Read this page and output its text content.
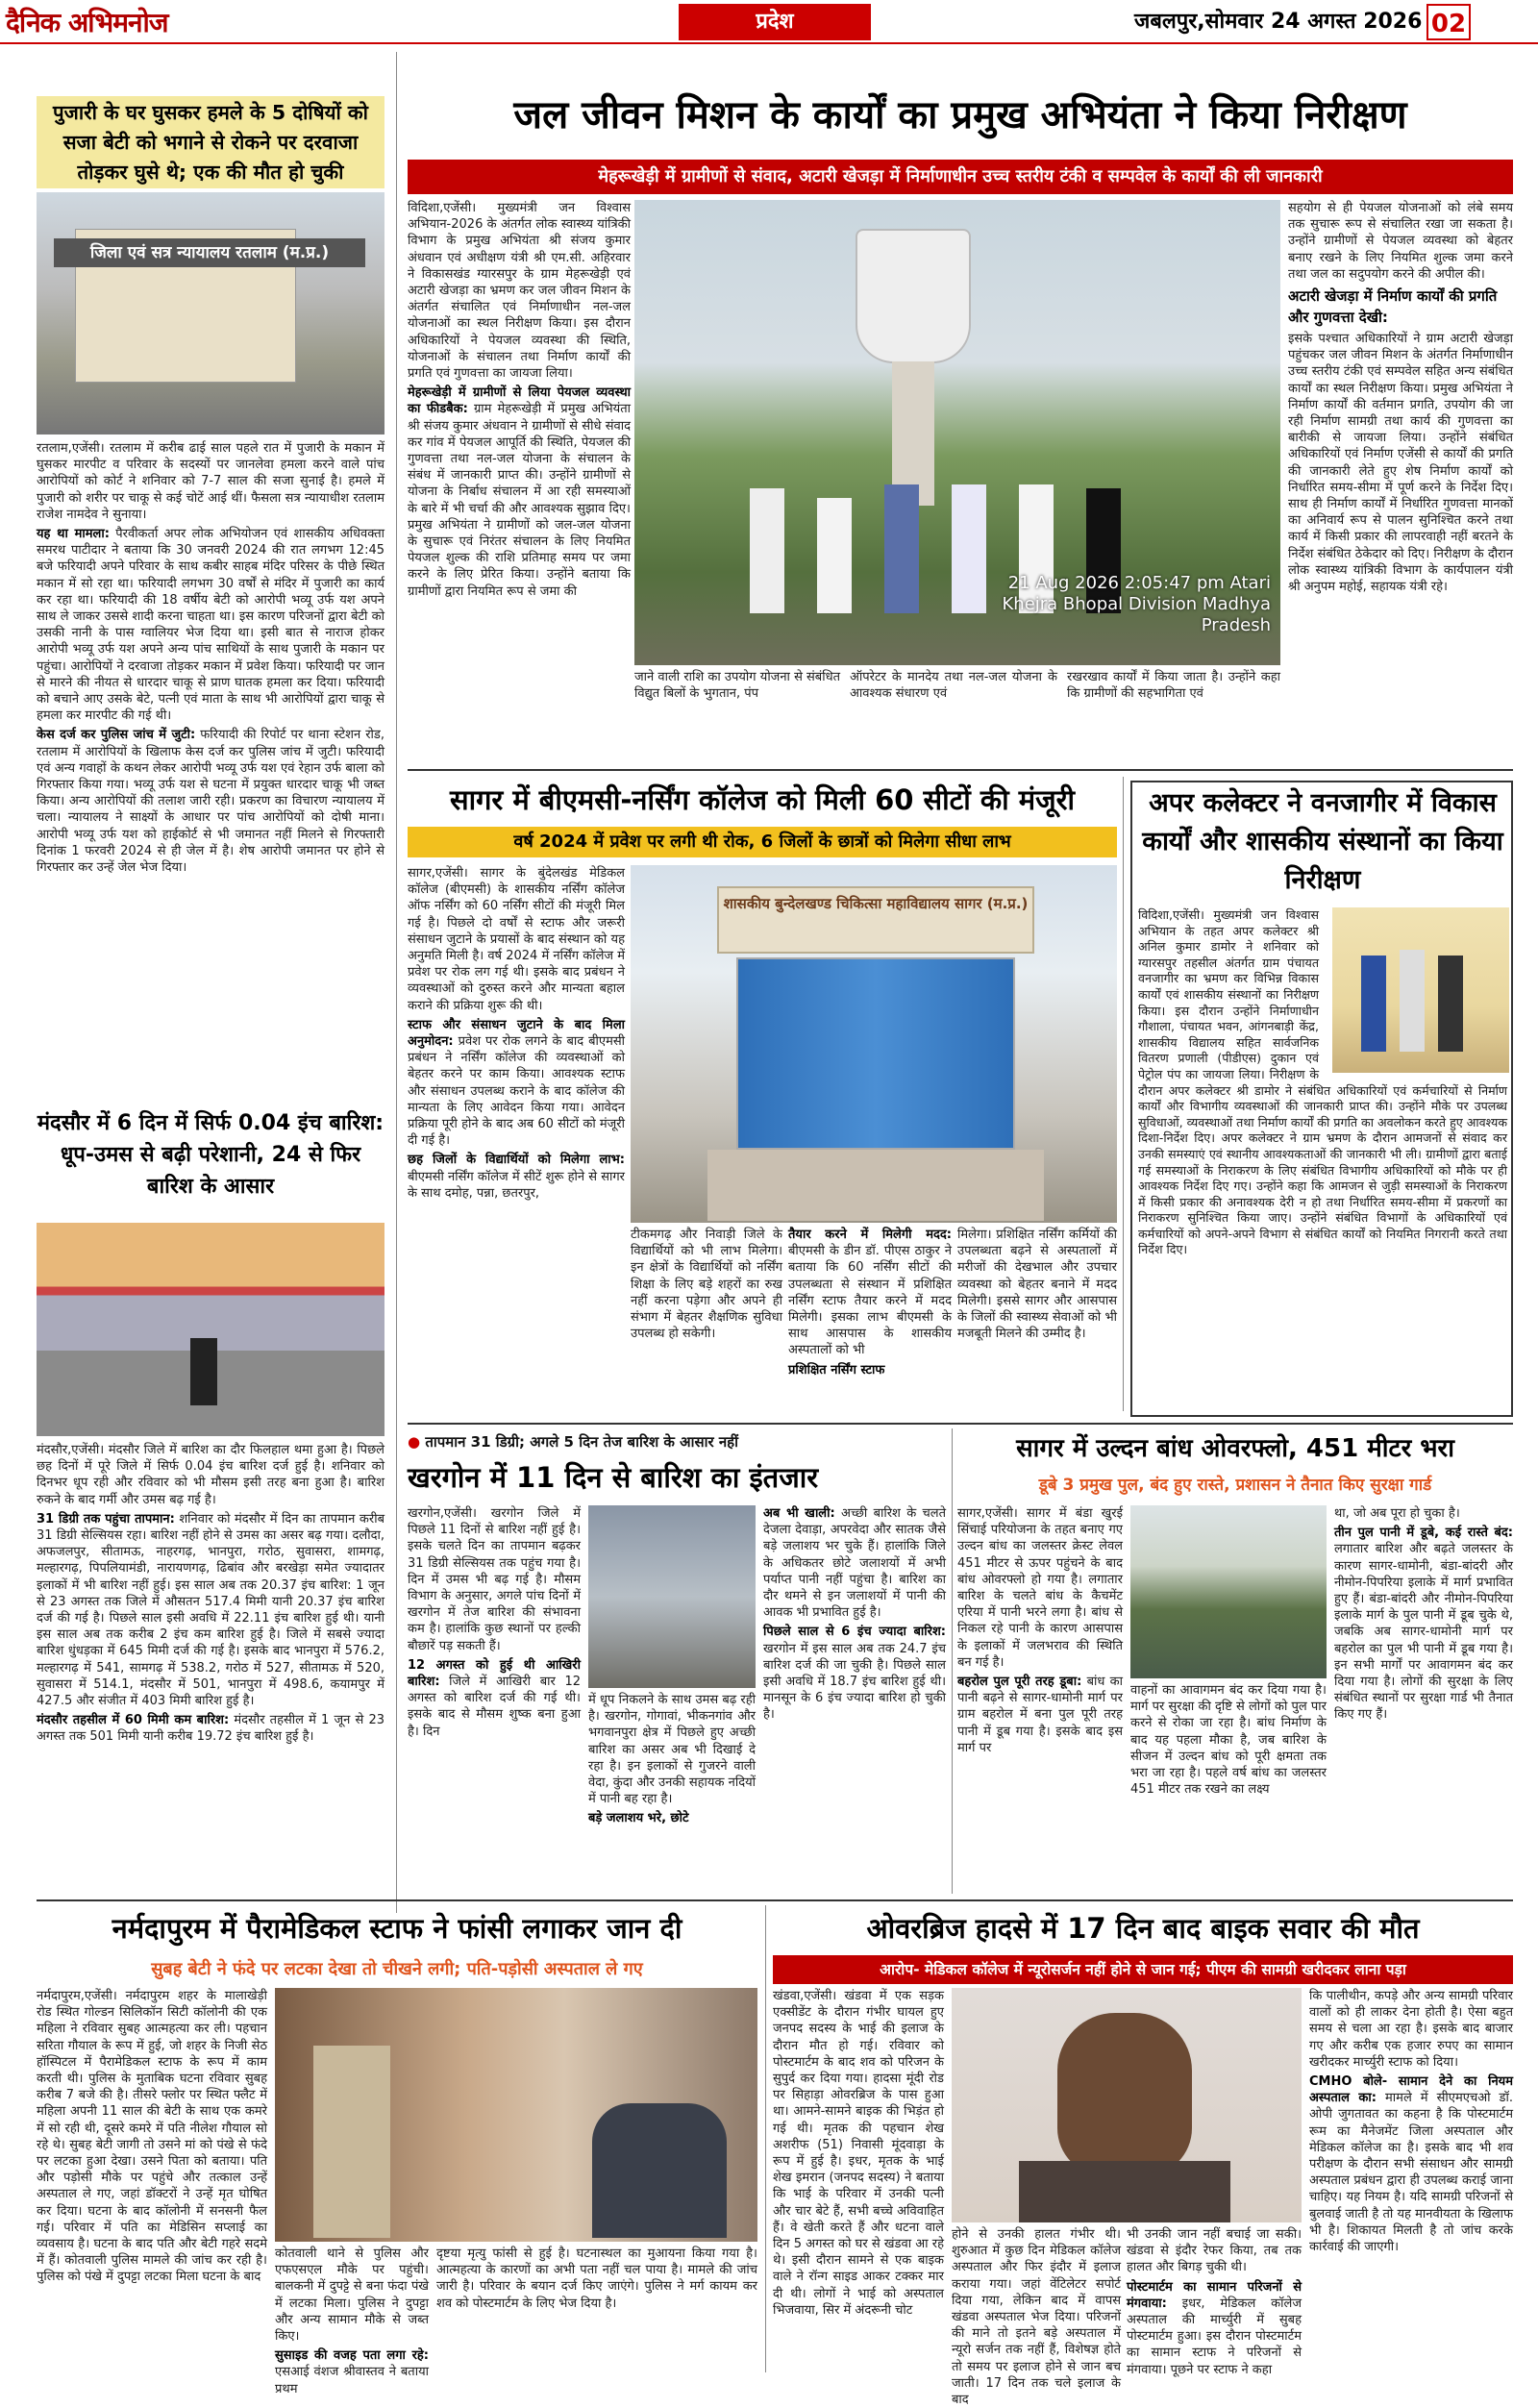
दैनिक अभिमनोज	प्रदेश	जबलपुर,सोमवार 24 अगस्त 2026 02
पुजारी के घर घुसकर हमले के 5 दोषियों को सजा बेटी को भगाने से रोकने पर दरवाजा तोड़कर घुसे थे; एक की मौत हो चुकी
जिला एवं सत्र न्यायालय रतलाम (म.प्र.)

रतलाम,एजेंसी। रतलाम में करीब ढाई साल पहले रात में पुजारी के मकान में घुसकर मारपीट व परिवार के सदस्यों पर जानलेवा हमला करने वाले पांच आरोपियों को कोर्ट ने शनिवार को 7-7 साल की सजा सुनाई है। हमले में पुजारी को शरीर पर चाकू से कई चोटें आई थीं। फैसला सत्र न्यायाधीश रतलाम राजेश नामदेव ने सुनाया।

यह था मामला: पैरवीकर्ता अपर लोक अभियोजन एवं शासकीय अधिवक्ता समरथ पाटीदार ने बताया कि 30 जनवरी 2024 की रात लगभग 12:45 बजे फरियादी अपने परिवार के साथ कबीर साहब मंदिर परिसर के पीछे स्थित मकान में सो रहा था। फरियादी लगभग 30 वर्षों से मंदिर में पुजारी का कार्य कर रहा था। फरियादी की 18 वर्षीय बेटी को आरोपी भव्यू उर्फ यश अपने साथ ले जाकर उससे शादी करना चाहता था। इस कारण परिजनों द्वारा बेटी को उसकी नानी के पास ग्वालियर भेज दिया था। इसी बात से नाराज होकर आरोपी भव्यू उर्फ यश अपने अन्य पांच साथियों के साथ पुजारी के मकान पर पहुंचा। आरोपियों ने दरवाजा तोड़कर मकान में प्रवेश किया। फरियादी पर जान से मारने की नीयत से धारदार चाकू से प्राण घातक हमला कर दिया। फरियादी को बचाने आए उसके बेटे, पत्नी एवं माता के साथ भी आरोपियों द्वारा चाकू से हमला कर मारपीट की गई थी।

केस दर्ज कर पुलिस जांच में जुटी: फरियादी की रिपोर्ट पर थाना स्टेशन रोड, रतलाम में आरोपियों के खिलाफ केस दर्ज कर पुलिस जांच में जुटी। फरियादी एवं अन्य गवाहों के कथन लेकर आरोपी भव्यू उर्फ यश एवं रेहान उर्फ बाला को गिरफ्तार किया गया। भव्यू उर्फ यश से घटना में प्रयुक्त धारदार चाकू भी जब्त किया। अन्य आरोपियों की तलाश जारी रही। प्रकरण का विचारण न्यायालय में चला। न्यायालय ने साक्ष्यों के आधार पर पांच आरोपियों को दोषी माना। आरोपी भव्यू उर्फ यश को हाईकोर्ट से भी जमानत नहीं मिलने से गिरफ्तारी दिनांक 1 फरवरी 2024 से ही जेल में है। शेष आरोपी जमानत पर होने से गिरफ्तार कर उन्हें जेल भेज दिया।

मंदसौर में 6 दिन में सिर्फ 0.04 इंच बारिश: धूप-उमस से बढ़ी परेशानी, 24 से फिर बारिश के आसार

मंदसौर,एजेंसी। मंदसौर जिले में बारिश का दौर फिलहाल थमा हुआ है। पिछले छह दिनों में पूरे जिले में सिर्फ 0.04 इंच बारिश दर्ज हुई है। शनिवार को दिनभर धूप रही और रविवार को भी मौसम इसी तरह बना हुआ है। बारिश रुकने के बाद गर्मी और उमस बढ़ गई है।

31 डिग्री तक पहुंचा तापमान: शनिवार को मंदसौर में दिन का तापमान करीब 31 डिग्री सेल्सियस रहा। बारिश नहीं होने से उमस का असर बढ़ गया। दलौदा, अफजलपुर, सीतामऊ, नाहरगढ़, भानपुरा, गरोठ, सुवासरा, शामगढ़, मल्हारगढ़, पिपलियामंडी, नारायणगढ़, ढिबांव और बरखेड़ा समेत ज्यादातर इलाकों में भी बारिश नहीं हुई। इस साल अब तक 20.37 इंच बारिश: 1 जून से 23 अगस्त तक जिले में औसतन 517.4 मिमी यानी 20.37 इंच बारिश दर्ज की गई है। पिछले साल इसी अवधि में 22.11 इंच बारिश हुई थी। यानी इस साल अब तक करीब 2 इंच कम बारिश हुई है। जिले में सबसे ज्यादा बारिश धुंधड़का में 645 मिमी दर्ज की गई है। इसके बाद भानपुरा में 576.2, मल्हारगढ़ में 541, सामगढ़ में 538.2, गरोठ में 527, सीतामऊ में 520, सुवासरा में 514.1, मंदसौर में 501, भानपुरा में 498.6, कयामपुर में 427.5 और संजीत में 403 मिमी बारिश हुई है।

मंदसौर तहसील में 60 मिमी कम बारिश: मंदसौर तहसील में 1 जून से 23 अगस्त तक 501 मिमी यानी करीब 19.72 इंच बारिश हुई है।

जल जीवन मिशन के कार्यों का प्रमुख अभियंता ने किया निरीक्षण
मेहरूखेड़ी में ग्रामीणों से संवाद, अटारी खेजड़ा में निर्माणाधीन उच्च स्तरीय टंकी व सम्पवेल के कार्यों की ली जानकारी

विदिशा,एजेंसी। मुख्यमंत्री जन विश्वास अभियान-2026 के अंतर्गत लोक स्वास्थ्य यांत्रिकी विभाग के प्रमुख अभियंता श्री संजय कुमार अंधवान एवं अधीक्षण यंत्री श्री एम.सी. अहिरवार ने विकासखंड ग्यारसपुर के ग्राम मेहरूखेड़ी एवं अटारी खेजड़ा का भ्रमण कर जल जीवन मिशन के अंतर्गत संचालित एवं निर्माणाधीन नल-जल योजनाओं का स्थल निरीक्षण किया। इस दौरान अधिकारियों ने पेयजल व्यवस्था की स्थिति, योजनाओं के संचालन तथा निर्माण कार्यों की प्रगति एवं गुणवत्ता का जायजा लिया।

मेहरूखेड़ी में ग्रामीणों से लिया पेयजल व्यवस्था का फीडबैक: ग्राम मेहरूखेड़ी में प्रमुख अभियंता श्री संजय कुमार अंधवान ने ग्रामीणों से सीधे संवाद कर गांव में पेयजल आपूर्ति की स्थिति, पेयजल की गुणवत्ता तथा नल-जल योजना के संचालन के संबंध में जानकारी प्राप्त की। उन्होंने ग्रामीणों से योजना के निर्बाध संचालन में आ रही समस्याओं के बारे में भी चर्चा की और आवश्यक सुझाव दिए। प्रमुख अभियंता ने ग्रामीणों को जल-जल योजना के सुचारू एवं निरंतर संचालन के लिए नियमित पेयजल शुल्क की राशि प्रतिमाह समय पर जमा करने के लिए प्रेरित किया। उन्होंने बताया कि ग्रामीणों द्वारा नियमित रूप से जमा की	21 Aug 2026 2:05:47 pm Atari Khejra Bhopal Division Madhya Pradesh
जाने वाली राशि का उपयोग योजना से संबंधित विद्युत बिलों के भुगतान, पंप
ऑपरेटर के मानदेय तथा नल-जल योजना के आवश्यक संधारण एवं
रखरखाव कार्यों में किया जाता है। उन्होंने कहा कि ग्रामीणों की सहभागिता एवं

सहयोग से ही पेयजल योजनाओं को लंबे समय तक सुचारू रूप से संचालित रखा जा सकता है। उन्होंने ग्रामीणों से पेयजल व्यवस्था को बेहतर बनाए रखने के लिए नियमित शुल्क जमा करने तथा जल का सदुपयोग करने की अपील की।

अटारी खेजड़ा में निर्माण कार्यों की प्रगति और गुणवत्ता देखी:

इसके पश्चात अधिकारियों ने ग्राम अटारी खेजड़ा पहुंचकर जल जीवन मिशन के अंतर्गत निर्माणाधीन उच्च स्तरीय टंकी एवं सम्पवेल सहित अन्य संबंधित कार्यों का स्थल निरीक्षण किया। प्रमुख अभियंता ने निर्माण कार्यों की वर्तमान प्रगति, उपयोग की जा रही निर्माण सामग्री तथा कार्य की गुणवत्ता का बारीकी से जायजा लिया। उन्होंने संबंधित अधिकारियों एवं निर्माण एजेंसी से कार्यों की प्रगति की जानकारी लेते हुए शेष निर्माण कार्यों को निर्धारित समय-सीमा में पूर्ण करने के निर्देश दिए। साथ ही निर्माण कार्यों में निर्धारित गुणवत्ता मानकों का अनिवार्य रूप से पालन सुनिश्चित करने तथा कार्य में किसी प्रकार की लापरवाही नहीं बरतने के निर्देश संबंधित ठेकेदार को दिए। निरीक्षण के दौरान लोक स्वास्थ्य यांत्रिकी विभाग के कार्यपालन यंत्री श्री अनुपम महोई, सहायक यंत्री रहे।

सागर में बीएमसी-नर्सिंग कॉलेज को मिली 60 सीटों की मंजूरी
वर्ष 2024 में प्रवेश पर लगी थी रोक, 6 जिलों के छात्रों को मिलेगा सीधा लाभ

सागर,एजेंसी। सागर के बुंदेलखंड मेडिकल कॉलेज (बीएमसी) के शासकीय नर्सिंग कॉलेज ऑफ नर्सिंग को 60 नर्सिंग सीटों की मंजूरी मिल गई है। पिछले दो वर्षों से स्टाफ और जरूरी संसाधन जुटाने के प्रयासों के बाद संस्थान को यह अनुमति मिली है। वर्ष 2024 में नर्सिंग कॉलेज में प्रवेश पर रोक लग गई थी। इसके बाद प्रबंधन ने व्यवस्थाओं को दुरुस्त करने और मान्यता बहाल कराने की प्रक्रिया शुरू की थी।

स्टाफ और संसाधन जुटाने के बाद मिला अनुमोदन: प्रवेश पर रोक लगने के बाद बीएमसी प्रबंधन ने नर्सिंग कॉलेज की व्यवस्थाओं को बेहतर करने पर काम किया। आवश्यक स्टाफ और संसाधन उपलब्ध कराने के बाद कॉलेज की मान्यता के लिए आवेदन किया गया। आवेदन प्रक्रिया पूरी होने के बाद अब 60 सीटों को मंजूरी दी गई है।

छह जिलों के विद्यार्थियों को मिलेगा लाभ: बीएमसी नर्सिंग कॉलेज में सीटें शुरू होने से सागर के साथ दमोह, पन्ना, छतरपुर,

शासकीय बुन्देलखण्ड चिकित्सा महाविद्यालय सागर (म.प्र.)
टीकमगढ़ और निवाड़ी जिले के विद्यार्थियों को भी लाभ मिलेगा। इन क्षेत्रों के विद्यार्थियों को नर्सिंग शिक्षा के लिए बड़े शहरों का रुख नहीं करना पड़ेगा और अपने ही संभाग में बेहतर शैक्षणिक सुविधा उपलब्ध हो सकेगी।

तैयार करने में मिलेगी मदद: बीएमसी के डीन डॉ. पीएस ठाकुर ने बताया कि 60 नर्सिंग सीटों की उपलब्धता से संस्थान में प्रशिक्षित नर्सिंग स्टाफ तैयार करने में मदद मिलेगी। इसका लाभ बीएमसी के साथ आसपास के शासकीय अस्पतालों को भी

प्रशिक्षित नर्सिंग स्टाफ

मिलेगा। प्रशिक्षित नर्सिंग कर्मियों की उपलब्धता बढ़ने से अस्पतालों में मरीजों की देखभाल और उपचार व्यवस्था को बेहतर बनाने में मदद मिलेगी। इससे सागर और आसपास के जिलों की स्वास्थ्य सेवाओं को भी मजबूती मिलने की उम्मीद है।
अपर कलेक्टर ने वनजागीर में विकास कार्यों और शासकीय संस्थानों का किया निरीक्षण
विदिशा,एजेंसी। मुख्यमंत्री जन विश्वास अभियान के तहत अपर कलेक्टर श्री अनिल कुमार डामोर ने शनिवार को ग्यारसपुर तहसील अंतर्गत ग्राम पंचायत वनजागीर का भ्रमण कर विभिन्न विकास कार्यों एवं शासकीय संस्थानों का निरीक्षण किया। इस दौरान उन्होंने निर्माणाधीन गौशाला, पंचायत भवन, आंगनबाड़ी केंद्र, शासकीय विद्यालय सहित सार्वजनिक वितरण प्रणाली (पीडीएस) दुकान एवं पेट्रोल पंप का जायजा लिया। निरीक्षण के दौरान अपर कलेक्टर श्री डामोर ने संबंधित अधिकारियों एवं कर्मचारियों से निर्माण कार्यों और विभागीय व्यवस्थाओं की जानकारी प्राप्त की। उन्होंने मौके पर उपलब्ध सुविधाओं, व्यवस्थाओं तथा निर्माण कार्यों की प्रगति का अवलोकन करते हुए आवश्यक दिशा-निर्देश दिए। अपर कलेक्टर ने ग्राम भ्रमण के दौरान आमजनों से संवाद कर उनकी समस्याएं एवं स्थानीय आवश्यकताओं की जानकारी भी ली। ग्रामीणों द्वारा बताई गई समस्याओं के निराकरण के लिए संबंधित विभागीय अधिकारियों को मौके पर ही आवश्यक निर्देश दिए गए। उन्होंने कहा कि आमजन से जुड़ी समस्याओं के निराकरण में किसी प्रकार की अनावश्यक देरी न हो तथा निर्धारित समय-सीमा में प्रकरणों का निराकरण सुनिश्चित किया जाए। उन्होंने संबंधित विभागों के अधिकारियों एवं कर्मचारियों को अपने-अपने विभाग से संबंधित कार्यों को नियमित निगरानी करते तथा निर्देश दिए।
● तापमान 31 डिग्री; अगले 5 दिन तेज बारिश के आसार नहीं
खरगोन में 11 दिन से बारिश का इंतजार

खरगोन,एजेंसी। खरगोन जिले में पिछले 11 दिनों से बारिश नहीं हुई है। इसके चलते दिन का तापमान बढ़कर 31 डिग्री सेल्सियस तक पहुंच गया है। दिन में उमस भी बढ़ गई है। मौसम विभाग के अनुसार, अगले पांच दिनों में खरगोन में तेज बारिश की संभावना कम है। हालांकि कुछ स्थानों पर हल्की बौछारें पड़ सकती हैं।

12 अगस्त को हुई थी आखिरी बारिश: जिले में आखिरी बार 12 अगस्त को बारिश दर्ज की गई थी। इसके बाद से मौसम शुष्क बना हुआ है। दिन

में धूप निकलने के साथ उमस बढ़ रही है। खरगोन, गोगावां, भीकनगांव और भगवानपुरा क्षेत्र में पिछले हुए अच्छी बारिश का असर अब भी दिखाई दे रहा है। इन इलाकों से गुजरने वाली वेदा, कुंदा और उनकी सहायक नदियों में पानी बह रहा है।

बड़े जलाशय भरे, छोटे

अब भी खाली: अच्छी बारिश के चलते देजला देवाड़ा, अपरवेदा और सातक जैसे बड़े जलाशय भर चुके हैं। हालांकि जिले के अधिकतर छोटे जलाशयों में अभी पर्याप्त पानी नहीं पहुंचा है। बारिश का दौर थमने से इन जलाशयों में पानी की आवक भी प्रभावित हुई है।

पिछले साल से 6 इंच ज्यादा बारिश: खरगोन में इस साल अब तक 24.7 इंच बारिश दर्ज की जा चुकी है। पिछले साल इसी अवधि में 18.7 इंच बारिश हुई थी। मानसून के 6 इंच ज्यादा बारिश हो चुकी है।

सागर में उल्दन बांध ओवरफ्लो, 451 मीटर भरा
डूबे 3 प्रमुख पुल, बंद हुए रास्ते, प्रशासन ने तैनात किए सुरक्षा गार्ड

सागर,एजेंसी। सागर में बंडा खुरई सिंचाई परियोजना के तहत बनाए गए उल्दन बांध का जलस्तर क्रेस्ट लेवल 451 मीटर से ऊपर पहुंचने के बाद बांध ओवरफ्लो हो गया है। लगातार बारिश के चलते बांध के कैचमेंट एरिया में पानी भरने लगा है। बांध से निकल रहे पानी के कारण आसपास के इलाकों में जलभराव की स्थिति बन गई है।

बहरोल पुल पूरी तरह डूबा: बांध का पानी बढ़ने से सागर-धामोनी मार्ग पर ग्राम बहरोल में बना पुल पूरी तरह पानी में डूब गया है। इसके बाद इस मार्ग पर

वाहनों का आवागमन बंद कर दिया गया है। मार्ग पर सुरक्षा की दृष्टि से लोगों को पुल पार करने से रोका जा रहा है। बांध निर्माण के बाद यह पहला मौका है, जब बारिश के सीजन में उल्दन बांध को पूरी क्षमता तक भरा जा रहा है। पहले वर्ष बांध का जलस्तर 451 मीटर तक रखने का लक्ष्य

था, जो अब पूरा हो चुका है।

तीन पुल पानी में डूबे, कई रास्ते बंद: लगातार बारिश और बढ़ते जलस्तर के कारण सागर-धामोनी, बंडा-बांदरी और नीमोन-पिपरिया इलाके में मार्ग प्रभावित हुए हैं। बंडा-बांदरी और नीमोन-पिपरिया इलाके मार्ग के पुल पानी में डूब चुके थे, जबकि अब सागर-धामोनी मार्ग पर बहरोल का पुल भी पानी में डूब गया है। इन सभी मार्गों पर आवागमन बंद कर दिया गया है। लोगों की सुरक्षा के लिए संबंधित स्थानों पर सुरक्षा गार्ड भी तैनात किए गए हैं।

नर्मदापुरम में पैरामेडिकल स्टाफ ने फांसी लगाकर जान दी
सुबह बेटी ने फंदे पर लटका देखा तो चीखने लगी; पति-पड़ोसी अस्पताल ले गए
नर्मदापुरम,एजेंसी। नर्मदापुरम शहर के मालाखेड़ी रोड स्थित गोल्डन सिलिकॉन सिटी कॉलोनी की एक महिला ने रविवार सुबह आत्महत्या कर ली। पहचान सरिता गौयाल के रूप में हुई, जो शहर के निजी सेठ हॉस्पिटल में पैरामेडिकल स्टाफ के रूप में काम करती थी। पुलिस के मुताबिक घटना रविवार सुबह करीब 7 बजे की है। तीसरे फ्लोर पर स्थित फ्लैट में महिला अपनी 11 साल की बेटी के साथ एक कमरे में सो रही थी, दूसरे कमरे में पति नीलेश गौयाल सो रहे थे। सुबह बेटी जागी तो उसने मां को पंखे से फंदे पर लटका हुआ देखा। उसने पिता को बताया। पति और पड़ोसी मौके पर पहुंचे और तत्काल उन्हें अस्पताल ले गए, जहां डॉक्टरों ने उन्हें मृत घोषित कर दिया। घटना के बाद कॉलोनी में सनसनी फैल गई। परिवार में पति का मेडिसिन सप्लाई का व्यवसाय है। घटना के बाद पति और बेटी गहरे सदमे में हैं। कोतवाली पुलिस मामले की जांच कर रही है। पुलिस को पंखे में दुपट्टा लटका मिला घटना के बाद

कोतवाली थाने से पुलिस और एफएसएल मौके पर पहुंची। बालकनी में दुपट्टे से बना फंदा पंखे में लटका मिला। पुलिस ने दुपट्टा और अन्य सामान मौके से जब्त किए।

सुसाइड की वजह पता लगा रहे: एसआई वंशज श्रीवास्तव ने बताया प्रथम

दृष्टया मृत्यु फांसी से हुई है। घटनास्थल का मुआयना किया गया है। आत्महत्या के कारणों का अभी पता नहीं चल पाया है। मामले की जांच जारी है। परिवार के बयान दर्ज किए जाएंगे। पुलिस ने मर्ग कायम कर शव को पोस्टमार्टम के लिए भेज दिया है।
ओवरब्रिज हादसे में 17 दिन बाद बाइक सवार की मौत
आरोप- मेडिकल कॉलेज में न्यूरोसर्जन नहीं होने से जान गई; पीएम की सामग्री खरीदकर लाना पड़ा
खंडवा,एजेंसी। खंडवा में एक सड़क एक्सीडेंट के दौरान गंभीर घायल हुए जनपद सदस्य के भाई की इलाज के दौरान मौत हो गई। रविवार को पोस्टमार्टम के बाद शव को परिजन के सुपुर्द कर दिया गया। हादसा मूंदी रोड पर सिहाड़ा ओवरब्रिज के पास हुआ था। आमने-सामने बाइक की भिड़ंत हो गई थी। मृतक की पहचान शेख अशरीफ (51) निवासी मूंदवाड़ा के रूप में हुई है। इधर, मृतक के भाई शेख इमरान (जनपद सदस्य) ने बताया कि भाई के परिवार में उनकी पत्नी और चार बेटे हैं, सभी बच्चे अविवाहित हैं। वे खेती करते हैं और धटना वाले दिन 5 अगस्त को घर से खंडवा आ रहे थे। इसी दौरान सामने से एक बाइक वाले ने रॉन्ग साइड आकर टक्कर मार दी थी। लोगों ने भाई को अस्पताल भिजवाया, सिर में अंदरूनी चोट
होने से उनकी हालत गंभीर थी। शुरुआत में कुछ दिन मेडिकल कॉलेज अस्पताल और फिर इंदौर में इलाज कराया गया। जहां वेंटिलेटर सपोर्ट दिया गया, लेकिन बाद में वापस खंडवा अस्पताल भेज दिया। परिजनों की माने तो इतने बड़े अस्पताल में न्यूरो सर्जन तक नहीं हैं, विशेषज्ञ होते तो समय पर इलाज होने से जान बच जाती। 17 दिन तक चले इलाज के बाद

भी उनकी जान नहीं बचाई जा सकी। खंडवा से इंदौर रेफर किया, तब तक हालत और बिगड़ चुकी थी।

पोस्टमार्टम का सामान परिजनों से मंगवाया: इधर, मेडिकल कॉलेज अस्पताल की मार्च्युरी में सुबह पोस्टमार्टम हुआ। इस दौरान पोस्टमार्टम का सामान स्टाफ ने परिजनों से मंगवाया। पूछने पर स्टाफ ने कहा

कि पालीथीन, कपड़े और अन्य सामग्री परिवार वालों को ही लाकर देना होती है। ऐसा बहुत समय से चला आ रहा है। इसके बाद बाजार गए और करीब एक हजार रुपए का सामान खरीदकर मार्च्युरी स्टाफ को दिया।

CMHO बोले- सामान देने का नियम अस्पताल का: मामले में सीएमएचओ डॉ. ओपी जुगतावत का कहना है कि पोस्टमार्टम रूम का मैनेजमेंट जिला अस्पताल और मेडिकल कॉलेज का है। इसके बाद भी शव परीक्षण के दौरान सभी संसाधन और सामग्री अस्पताल प्रबंधन द्वारा ही उपलब्ध कराई जाना चाहिए। यह नियम है। यदि सामग्री परिजनों से बुलवाई जाती है तो यह मानवीयता के खिलाफ भी है। शिकायत मिलती है तो जांच करके कार्रवाई की जाएगी।
